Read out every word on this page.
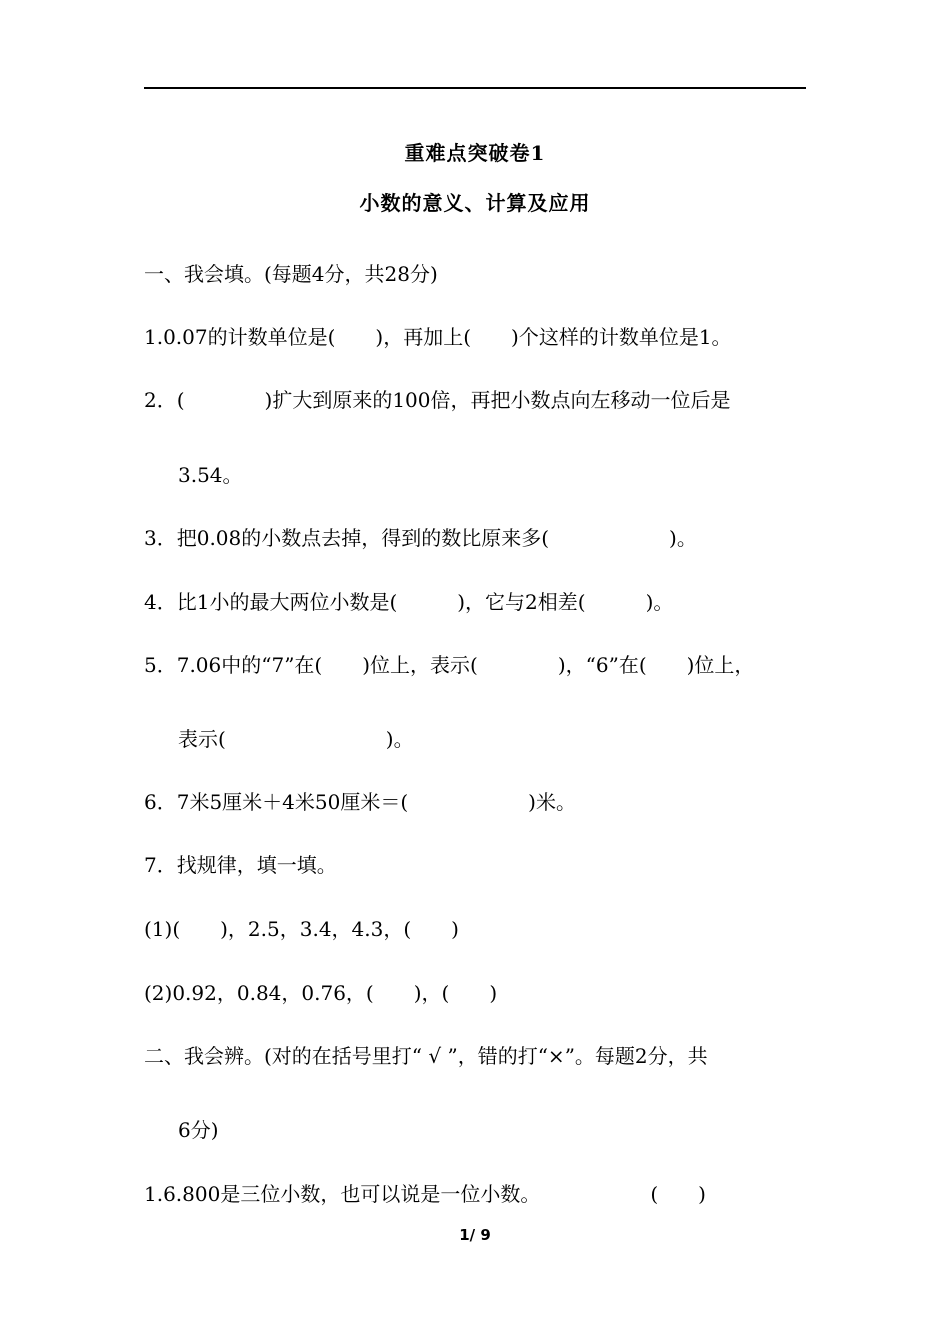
重难点突破卷1
小数的意义、计算及应用
一、我会填。(每题4分，共28分)
1.0.07的计数单位是(　　)，再加上(　　)个这样的计数单位是1。
2．(　　　　)扩大到原来的100倍，再把小数点向左移动一位后是
3.54。
3．把0.08的小数点去掉，得到的数比原来多(　　　　　　)。
4．比1小的最大两位小数是(　　　)，它与2相差(　　　)。
5．7.06中的“7”在(　　)位上，表示(　　　　)，“6”在(　　)位上，
表示(　　　　　　　　)。
6．7米5厘米＋4米50厘米＝(　　　　　　)米。
7．找规律，填一填。
(1)(　　)，2.5，3.4，4.3，(　　)
(2)0.92，0.84，0.76，(　　)，(　　)
二、我会辨。(对的在括号里打“ √ ”，错的打“×”。每题2分，共
6分)
1.6.800是三位小数，也可以说是一位小数。　　　　　　(　　)
1/ 9
